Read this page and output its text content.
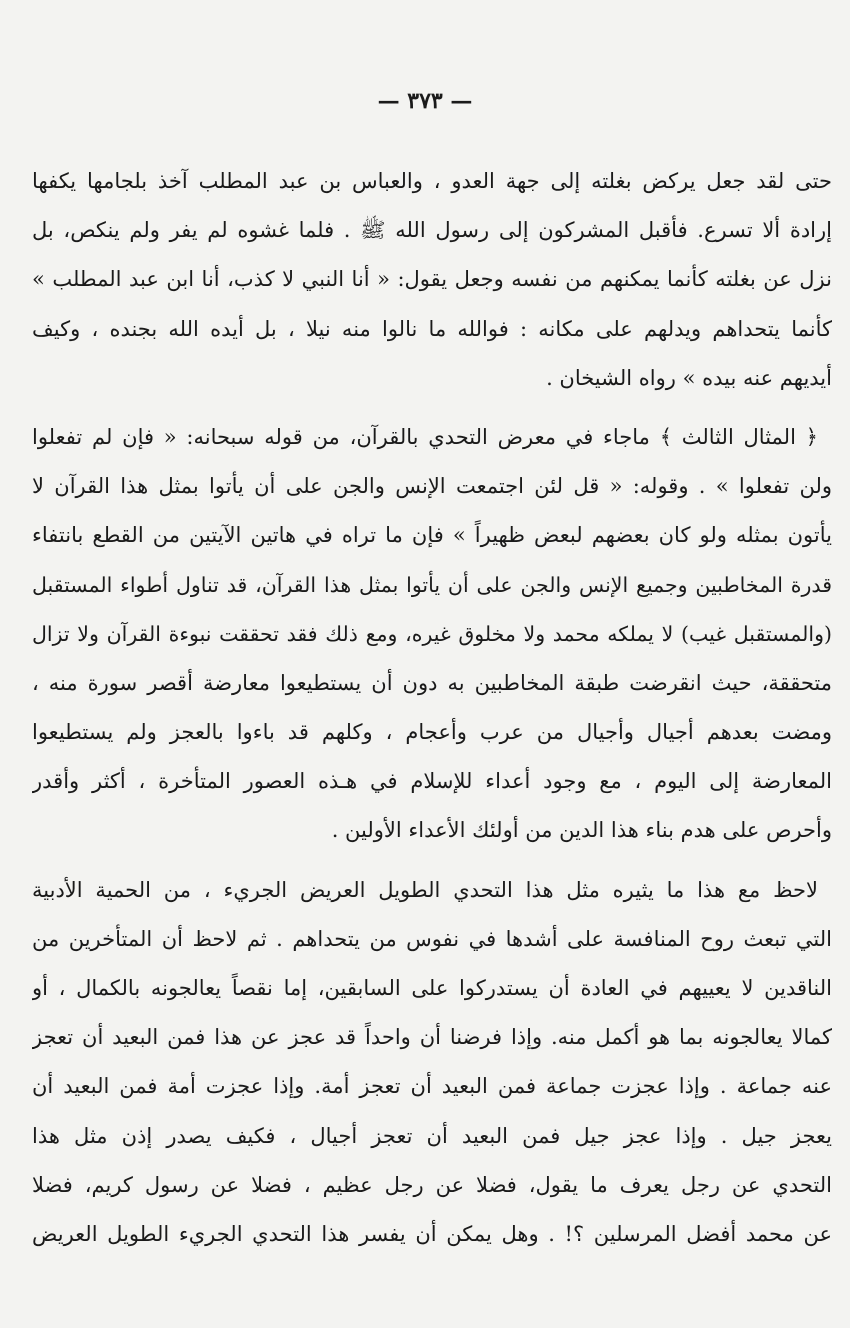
— ٣٧٣ —
حتى لقد جعل يركض بغلته إلى جهة العدو ، والعباس بن عبد المطلب آخذ بلجامها يكفها
إرادة ألا تسرع. فأقبل المشركون إلى رسول الله ﷺ . فلما غشوه لم يفر ولم ينكص، بل
نزل عن بغلته كأنما يمكنهم من نفسه وجعل يقول: « أنا النبي لا كذب، أنا ابن عبد المطلب »
كأنما يتحداهم ويدلهم على مكانه : فوالله ما نالوا منه نيلا ، بل أيده الله بجنده ، وكيف
أيديهم عنه بيده » رواه الشيخان .
﴿ المثال الثالث ﴾ ماجاء في معرض التحدي بالقرآن، من قوله سبحانه: « فإن لم تفعلوا
ولن تفعلوا » . وقوله: « قل لئن اجتمعت الإنس والجن على أن يأتوا بمثل هذا القرآن لا
يأتون بمثله ولو كان بعضهم لبعض ظهيراً » فإن ما تراه في هاتين الآيتين من القطع بانتفاء
قدرة المخاطبين وجميع الإنس والجن على أن يأتوا بمثل هذا القرآن، قد تناول أطواء المستقبل
(والمستقبل غيب) لا يملكه محمد ولا مخلوق غيره، ومع ذلك فقد تحققت نبوءة القرآن ولا تزال
متحققة، حيث انقرضت طبقة المخاطبين به دون أن يستطيعوا معارضة أقصر سورة منه ،
ومضت بعدهم أجيال وأجيال من عرب وأعجام ، وكلهم قد باءوا بالعجز ولم يستطيعوا
المعارضة إلى اليوم ، مع وجود أعداء للإسلام في هـذه العصور المتأخرة ، أكثر وأقدر
وأحرص على هدم بناء هذا الدين من أولئك الأعداء الأولين .
لاحظ مع هذا ما يثيره مثل هذا التحدي الطويل العريض الجريء ، من الحمية الأدبية
التي تبعث روح المنافسة على أشدها في نفوس من يتحداهم . ثم لاحظ أن المتأخرين من
الناقدين لا يعييهم في العادة أن يستدركوا على السابقين، إما نقصاً يعالجونه بالكمال ، أو
كمالا يعالجونه بما هو أكمل منه. وإذا فرضنا أن واحداً قد عجز عن هذا فمن البعيد أن تعجز
عنه جماعة . وإذا عجزت جماعة فمن البعيد أن تعجز أمة. وإذا عجزت أمة فمن البعيد أن
يعجز جيل . وإذا عجز جيل فمن البعيد أن تعجز أجيال ، فكيف يصدر إذن مثل هذا
التحدي عن رجل يعرف ما يقول، فضلا عن رجل عظيم ، فضلا عن رسول كريم، فضلا
عن محمد أفضل المرسلين ؟! . وهل يمكن أن يفسر هذا التحدي الجريء الطويل العريض
